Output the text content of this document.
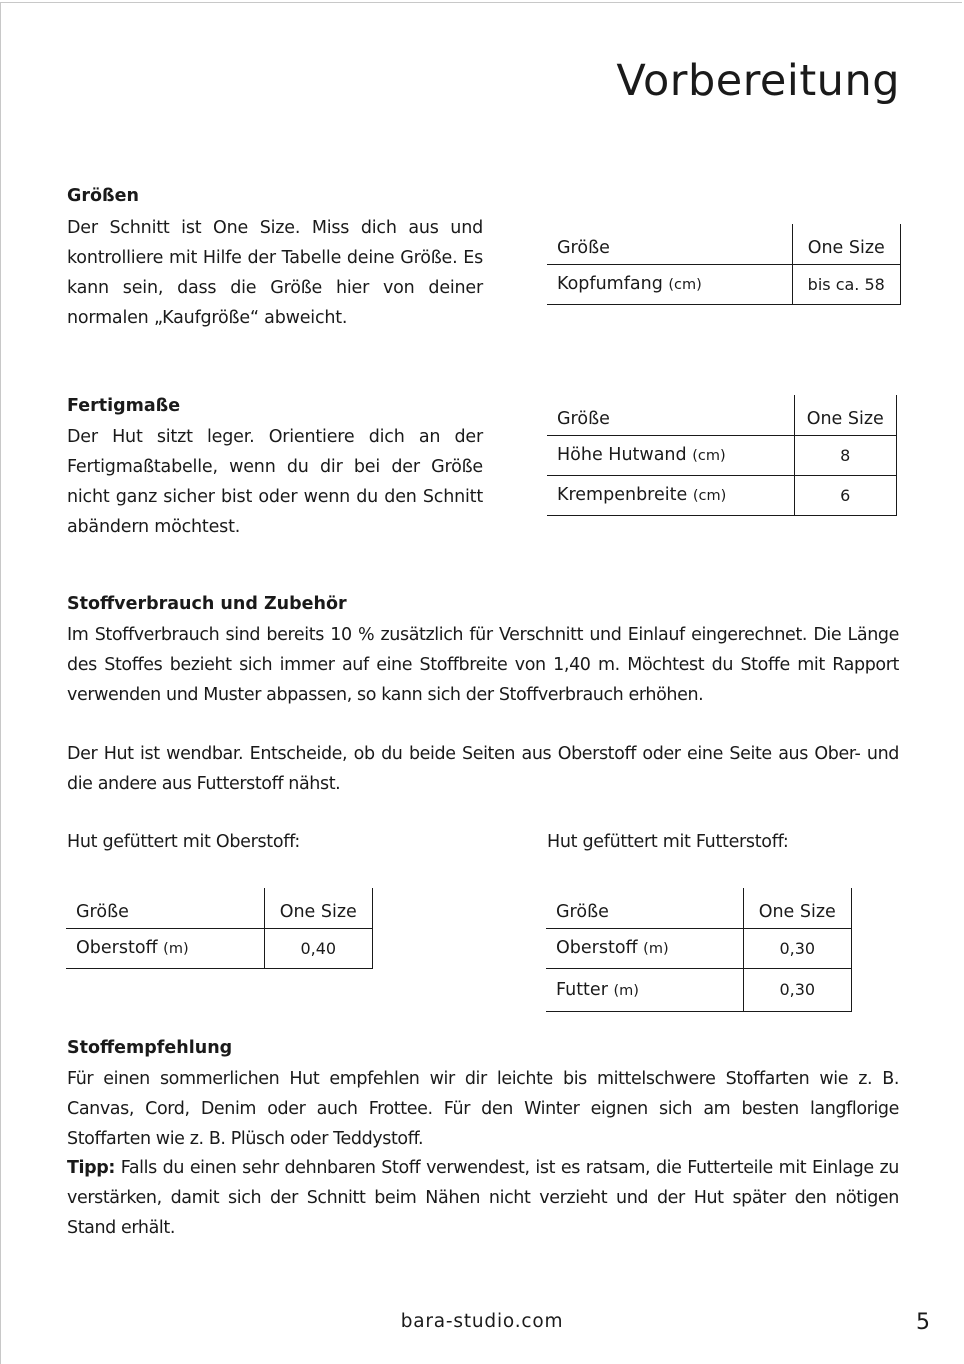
Vorbereitung
Größen

Der Schnitt ist One Size. Miss dich aus und kontrolliere mit Hilfe der Tabelle deine Größe. Es kann sein, dass die Größe hier von deiner normalen „Kaufgröße“ abweicht.

Größe	One Size
Kopfumfang (cm)	bis ca. 58
Fertigmaße

Der Hut sitzt leger. Orientiere dich an der Fertigmaßtabelle, wenn du dir bei der Größe nicht ganz sicher bist oder wenn du den Schnitt abändern möchtest.

Größe	One Size
Höhe Hutwand (cm)	8
Krempenbreite (cm)	6
Stoffverbrauch und Zubehör

Im Stoffverbrauch sind bereits 10 % zusätzlich für Verschnitt und Einlauf eingerechnet. Die Länge des Stoffes bezieht sich immer auf eine Stoffbreite von 1,40 m. Möchtest du Stoffe mit Rapport verwenden und Muster abpassen, so kann sich der Stoffverbrauch erhöhen.

Der Hut ist wendbar. Entscheide, ob du beide Seiten aus Oberstoff oder eine Seite aus Ober- und die andere aus Futterstoff nähst.

Hut gefüttert mit Oberstoff:

Größe	One Size
Oberstoff (m)	0,40

Hut gefüttert mit Futterstoff:

Größe	One Size
Oberstoff (m)	0,30
Futter (m)	0,30
Stoffempfehlung

Für einen sommerlichen Hut empfehlen wir dir leichte bis mittelschwere Stoffarten wie z. B. Canvas, Cord, Denim oder auch Frottee. Für den Winter eignen sich am besten langflorige Stoffarten wie z. B. Plüsch oder Teddystoff.

Tipp: Falls du einen sehr dehnbaren Stoff verwendest, ist es ratsam, die Futterteile mit Einlage zu verstärken, damit sich der Schnitt beim Nähen nicht verzieht und der Hut später den nötigen Stand erhält.

bara-studio.com	5
